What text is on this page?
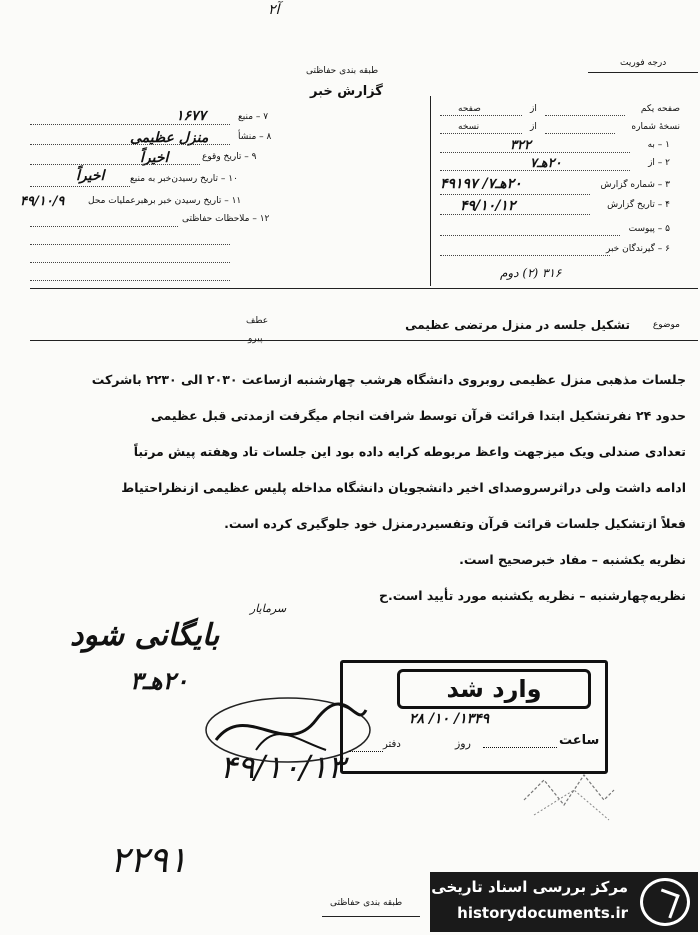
آ۲
طبقه بندی حفاظتی
گزارش خبر
درجه فوریت
صفحه یکم
از
صفحه
نسخهٔ شماره
از
نسخه
۱ – به
۳۲۲
۲ – از
۲۰هـ۷
۳ – شماره گزارش
۲۰هـ۷/ ۴۹۱۹۷
۴ – تاریخ گزارش
۴۹/۱۰/۱۲
۵ – پیوست
۶ – گیرندگان خبر
۳۱۶ (۲) دوم
۷ – منبع
۱۶۷۷
۸ – منشأ
منزل عظیمی
۹ – تاریخ وقوع
اخیراً
۱۰ – تاریخ رسیدن‌خبر به منبع
اخیراً
۱۱ – تاریخ رسیدن خبر برهبرعملیات محل
۴۹/۱۰/۹
۱۲ – ملاحظات حفاظتی
موضوع
تشکیل جلسه در منزل مرتضی عظیمی
عطف
پیرو
جلسات مذهبی منزل عظیمی روبروی دانشگاه هرشب چهارشنبه ازساعت ۲۰۳۰ الی ۲۲۳۰ باشرکت
حدود ۲۴ نفرتشکیل ابتدا قرائت قرآن توسط شرافت انجام میگرفت ازمدتی قبل عظیمی
تعدادی صندلی ویک میزجهت واعظ مربوطه کرایه داده بود این جلسات تاد وهفته پیش مرتباً
ادامه داشت ولی دراثرسروصدای اخیر دانشجویان دانشگاه مداخله پلیس عظیمی ازنظراحتیاط
فعلاً ازتشکیل جلسات قرائت قرآن وتفسیردرمنزل خود جلوگیری کرده است.
نظریه یکشنبه – مفاد خبرصحیح است.
نظریه‌چهارشنبه – نظریه یکشنبه مورد تأیید است.ح
سرمایار
بایگانی شود
۲۰هـ۳
۴۹/۱۰/۱۳
۲۲۹۱
وارد شد
۱۳۴۹/ ۱۰/ ۲۸
ساعت
روز
دفتر
طبقه بندی حفاظتی
مرکز بررسی اسناد تاریخی
historydocuments.ir
